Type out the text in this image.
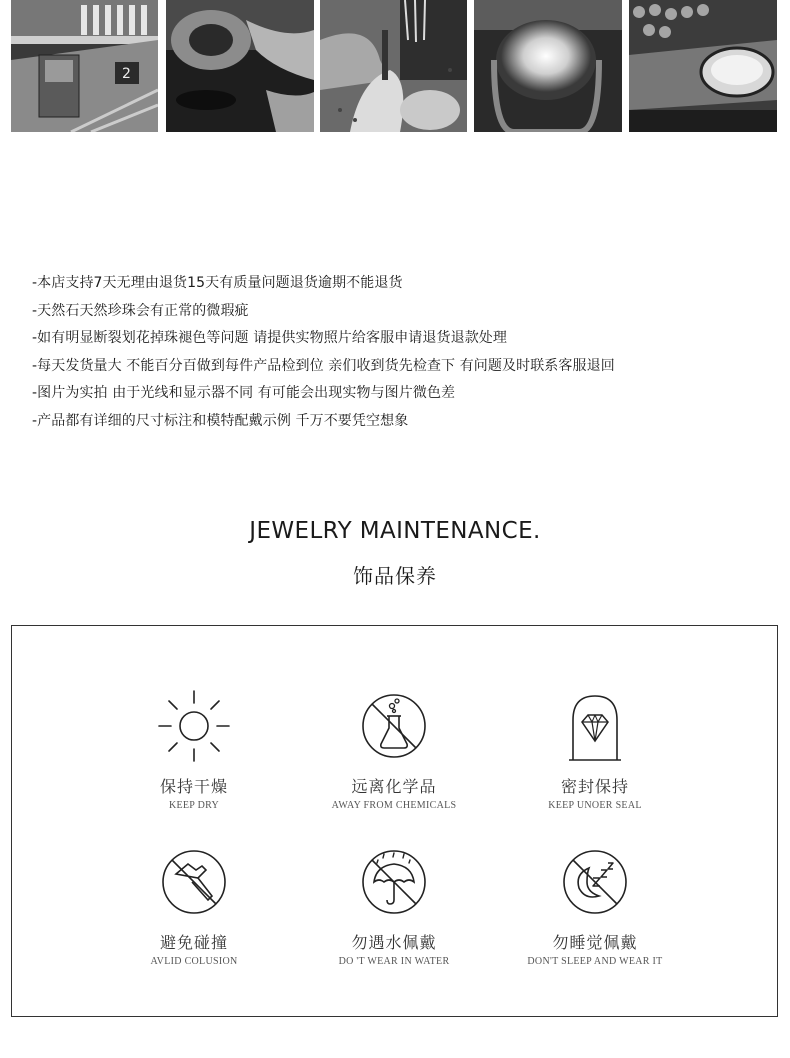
2
-本店支持7天无理由退货15天有质量问题退货逾期不能退货
-天然石天然珍珠会有正常的微瑕疵
-如有明显断裂划花掉珠褪色等问题 请提供实物照片给客服申请退货退款处理
-每天发货量大 不能百分百做到每件产品检到位 亲们收到货先检查下 有问题及时联系客服退回
-图片为实拍 由于光线和显示器不同 有可能会出现实物与图片微色差
-产品都有详细的尺寸标注和模特配戴示例 千万不要凭空想象
JEWELRY MAINTENANCE.
饰品保养
保持干燥
KEEP DRY
远离化学品
AWAY FROM CHEMICALS
密封保持
KEEP UNOER SEAL
避免碰撞
AVLID COLUSION
勿遇水佩戴
DO 'T WEAR IN WATER
勿睡觉佩戴
DON'T SLEEP AND WEAR IT
